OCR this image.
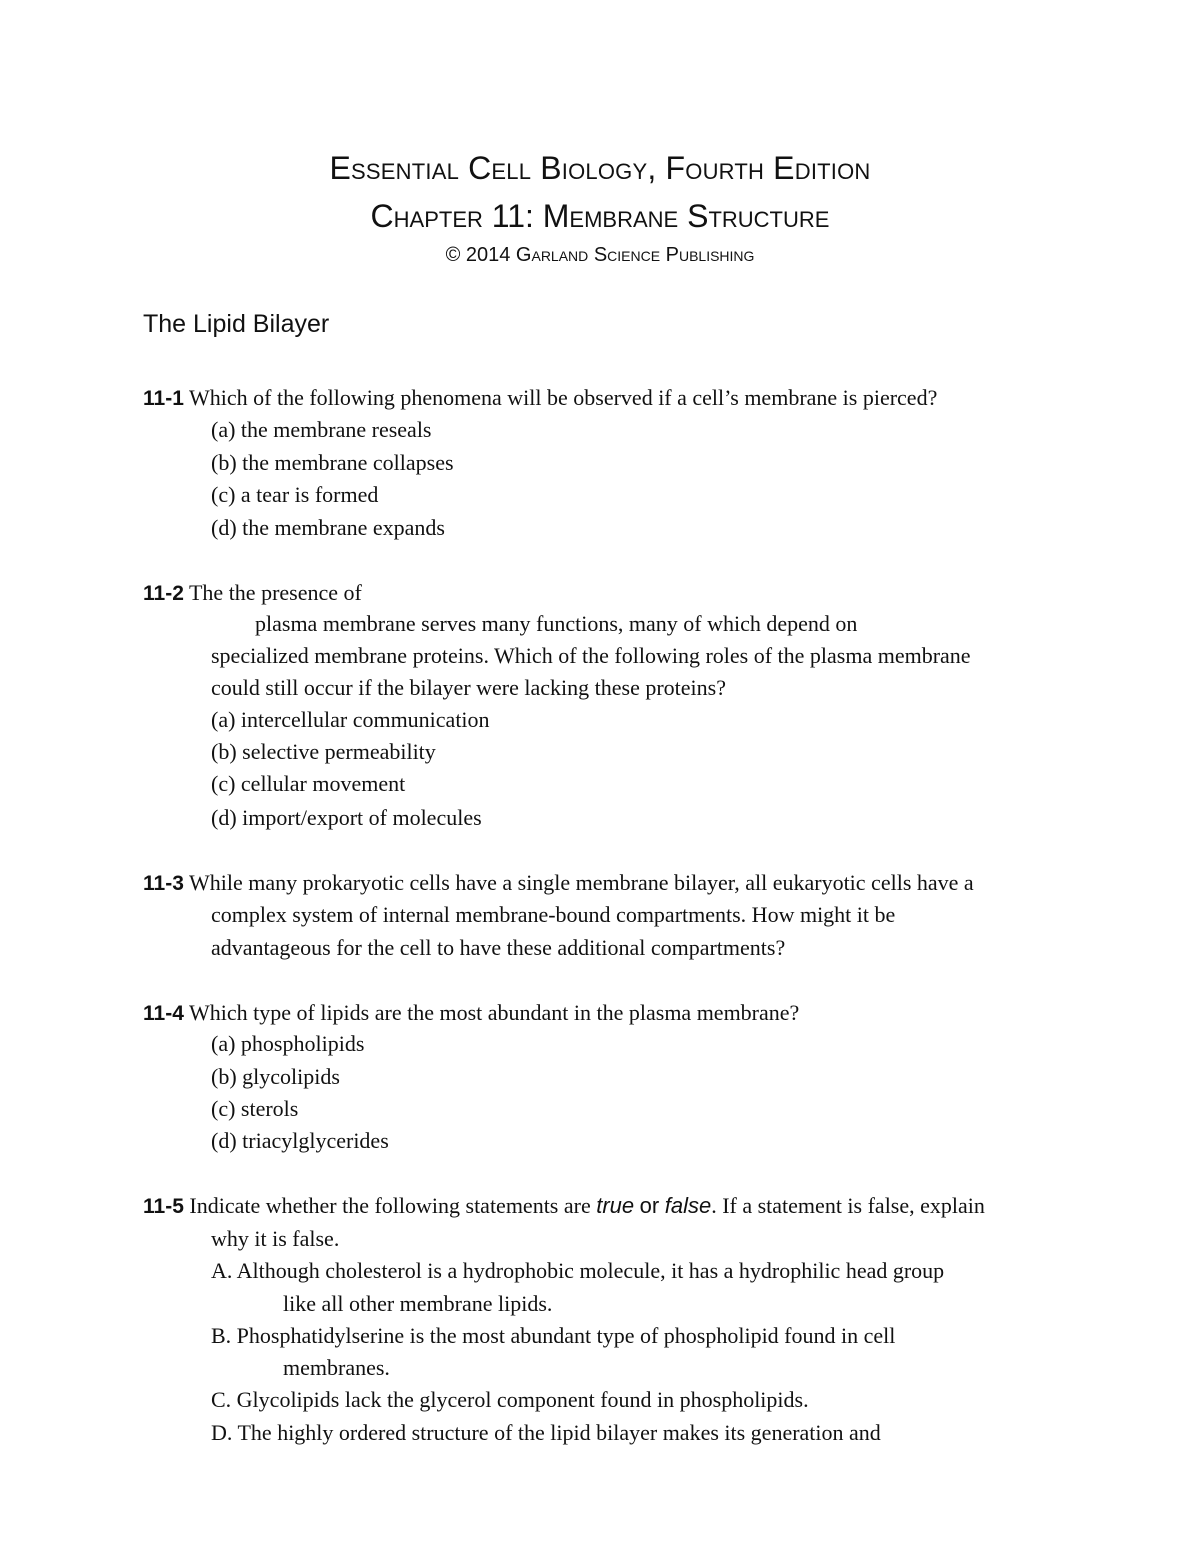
Essential Cell Biology, Fourth Edition
Chapter 11: Membrane Structure
© 2014 Garland Science Publishing
The Lipid Bilayer
11-1 Which of the following phenomena will be observed if a cell’s membrane is pierced?
(a) the membrane reseals
(b) the membrane collapses
(c) a tear is formed
(d) the membrane expands
11-2 The the presence of
plasma membrane serves many functions, many of which depend on
specialized membrane proteins. Which of the following roles of the plasma membrane
could still occur if the bilayer were lacking these proteins?
(a) intercellular communication
(b) selective permeability
(c) cellular movement
(d) import/export of molecules
11-3 While many prokaryotic cells have a single membrane bilayer, all eukaryotic cells have a
complex system of internal membrane-bound compartments. How might it be
advantageous for the cell to have these additional compartments?
11-4 Which type of lipids are the most abundant in the plasma membrane?
(a) phospholipids
(b) glycolipids
(c) sterols
(d) triacylglycerides
11-5 Indicate whether the following statements are true or false. If a statement is false, explain
why it is false.
A. Although cholesterol is a hydrophobic molecule, it has a hydrophilic head group
like all other membrane lipids.
B. Phosphatidylserine is the most abundant type of phospholipid found in cell
membranes.
C. Glycolipids lack the glycerol component found in phospholipids.
D. The highly ordered structure of the lipid bilayer makes its generation and
